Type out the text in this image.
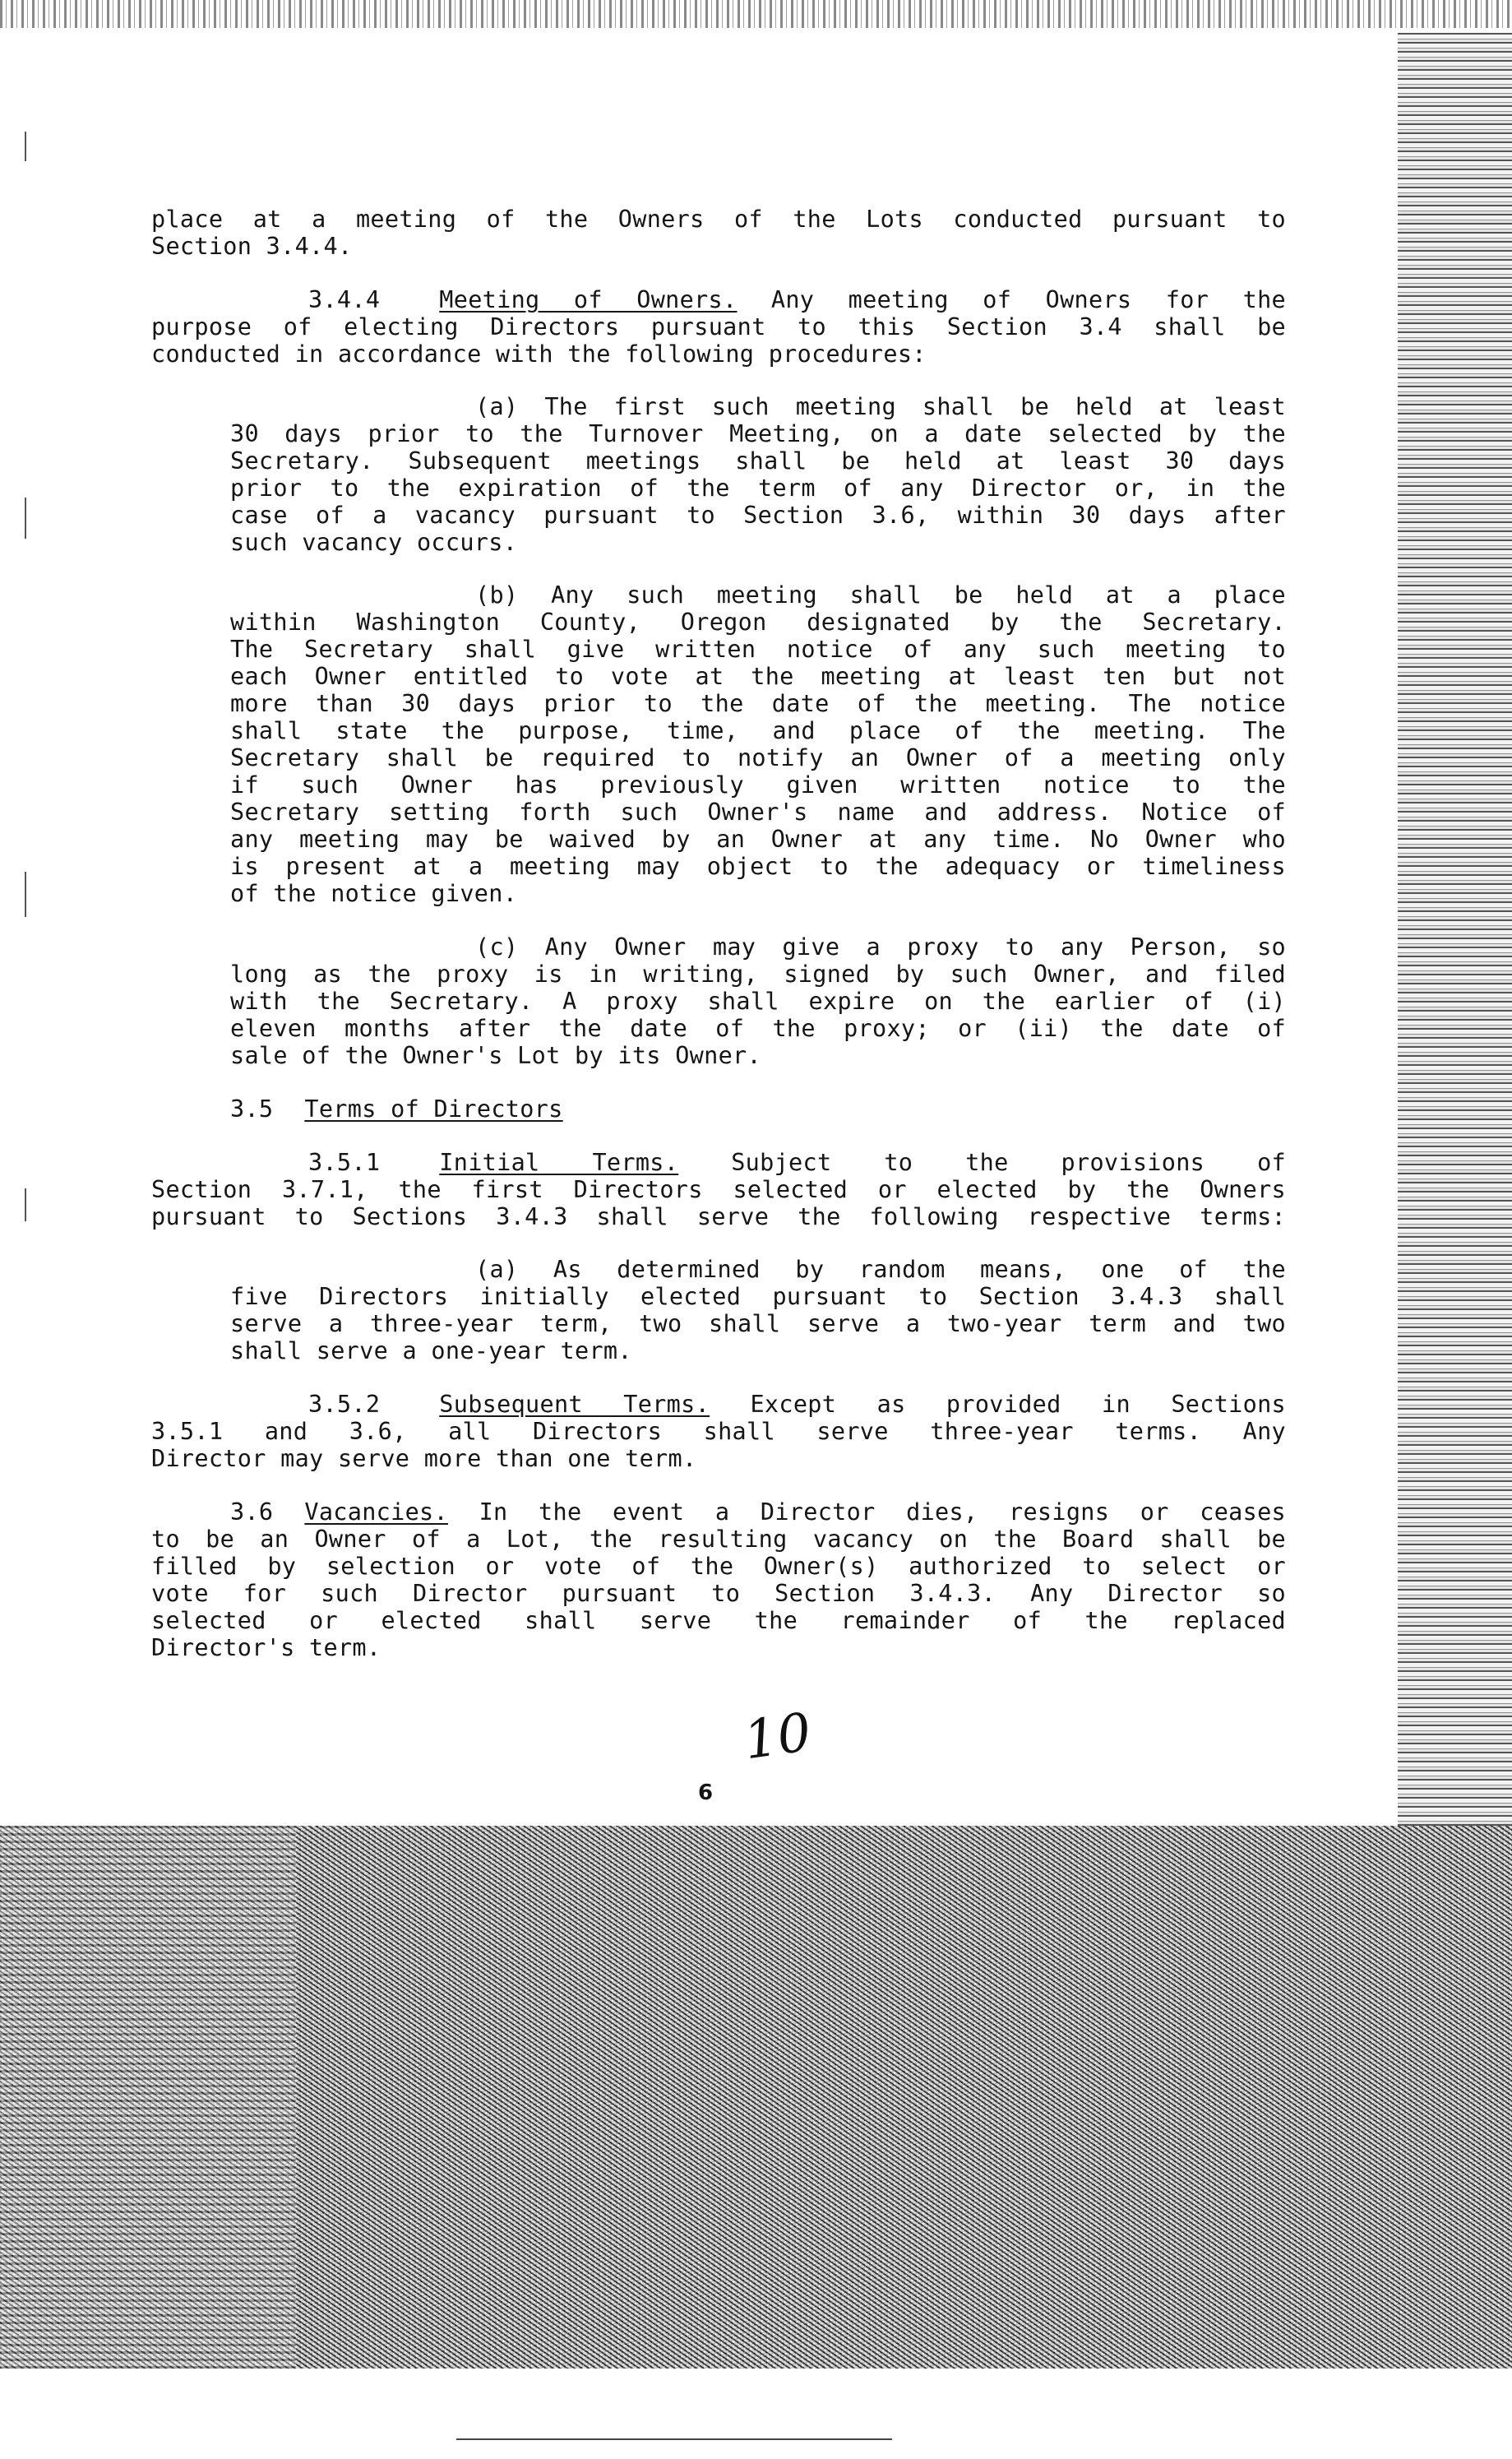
place at a meeting of the Owners of the Lots conducted pursuant to
Section 3.4.4.
3.4.4	Meeting of Owners. Any meeting of Owners for the
purpose of electing Directors pursuant to this Section 3.4 shall be
conducted in accordance with the following procedures:
(a) The first such meeting shall be held at least
30 days prior to the Turnover Meeting, on a date selected by the
Secretary. Subsequent meetings shall be held at least 30 days
prior to the expiration of the term of any Director or, in the
case of a vacancy pursuant to Section 3.6, within 30 days after
such vacancy occurs.
(b) Any such meeting shall be held at a place
within Washington County, Oregon designated by the Secretary.
The Secretary shall give written notice of any such meeting to
each Owner entitled to vote at the meeting at least ten but not
more than 30 days prior to the date of the meeting. The notice
shall state the purpose, time, and place of the meeting. The
Secretary shall be required to notify an Owner of a meeting only
if such Owner has previously given written notice to the
Secretary setting forth such Owner's name and address. Notice of
any meeting may be waived by an Owner at any time. No Owner who
is present at a meeting may object to the adequacy or timeliness
of the notice given.
(c) Any Owner may give a proxy to any Person, so
long as the proxy is in writing, signed by such Owner, and filed
with the Secretary. A proxy shall expire on the earlier of (i)
eleven months after the date of the proxy; or (ii) the date of
sale of the Owner's Lot by its Owner.
3.5 Terms of Directors
3.5.1	Initial Terms. Subject to the provisions of
Section 3.7.1, the first Directors selected or elected by the Owners
pursuant to Sections 3.4.3 shall serve the following respective terms:
(a) As determined by random means, one of the
five Directors initially elected pursuant to Section 3.4.3 shall
serve a three-year term, two shall serve a two-year term and two
shall serve a one-year term.
3.5.2	Subsequent Terms. Except as provided in Sections
3.5.1 and 3.6, all Directors shall serve three-year terms. Any
Director may serve more than one term.
3.6 Vacancies. In the event a Director dies, resigns or ceases
to be an Owner of a Lot, the resulting vacancy on the Board shall be
filled by selection or vote of the Owner(s) authorized to select or
vote for such Director pursuant to Section 3.4.3. Any Director so
selected or elected shall serve the remainder of the replaced
Director's term.
10
6
